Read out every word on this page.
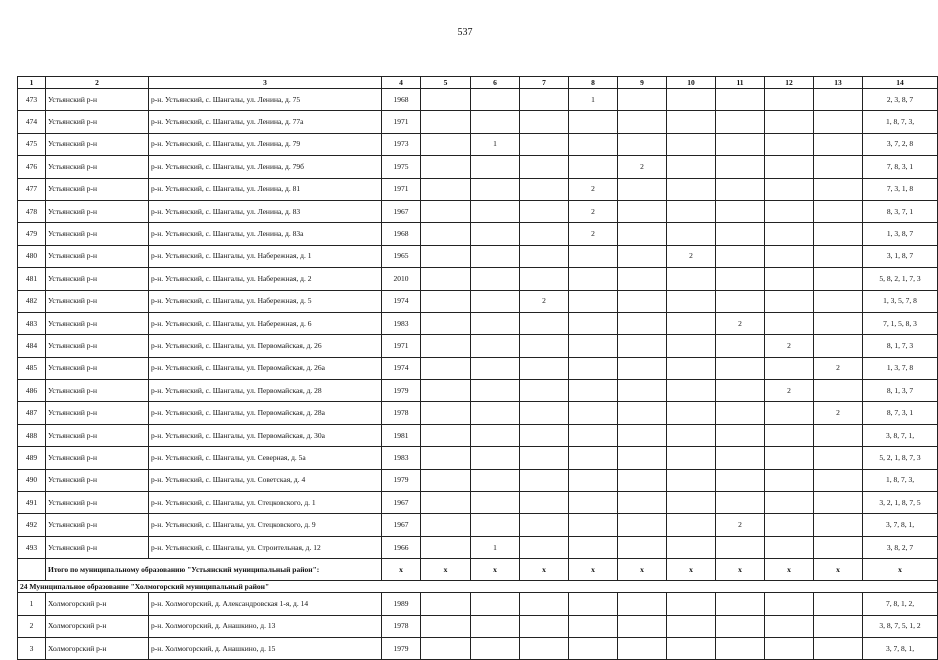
537
1	2	3	4	5	6	7	8	9	10	11	12	13	14
473	Устьянский р-н	р-н. Устьянский, с. Шангалы, ул. Ленина, д. 75	1968				1						2, 3, 8, 7
474	Устьянский р-н	р-н. Устьянский, с. Шангалы, ул. Ленина, д. 77а	1971										1, 8, 7, 3,
475	Устьянский р-н	р-н. Устьянский, с. Шангалы, ул. Ленина, д. 79	1973		1								3, 7, 2, 8
476	Устьянский р-н	р-н. Устьянский, с. Шангалы, ул. Ленина, д. 79б	1975					2					7, 8, 3, 1
477	Устьянский р-н	р-н. Устьянский, с. Шангалы, ул. Ленина, д. 81	1971				2						7, 3, 1, 8
478	Устьянский р-н	р-н. Устьянский, с. Шангалы, ул. Ленина, д. 83	1967				2						8, 3, 7, 1
479	Устьянский р-н	р-н. Устьянский, с. Шангалы, ул. Ленина, д. 83а	1968				2						1, 3, 8, 7
480	Устьянский р-н	р-н. Устьянский, с. Шангалы, ул. Набережная, д. 1	1965						2				3, 1, 8, 7
481	Устьянский р-н	р-н. Устьянский, с. Шангалы, ул. Набережная, д. 2	2010										5, 8, 2, 1, 7, 3
482	Устьянский р-н	р-н. Устьянский, с. Шангалы, ул. Набережная, д. 5	1974			2							1, 3, 5, 7, 8
483	Устьянский р-н	р-н. Устьянский, с. Шангалы, ул. Набережная, д. 6	1983							2			7, 1, 5, 8, 3
484	Устьянский р-н	р-н. Устьянский, с. Шангалы, ул. Первомайская, д. 26	1971								2		8, 1, 7, 3
485	Устьянский р-н	р-н. Устьянский, с. Шангалы, ул. Первомайская, д. 26а	1974									2	1, 3, 7, 8
486	Устьянский р-н	р-н. Устьянский, с. Шангалы, ул. Первомайская, д. 28	1979								2		8, 1, 3, 7
487	Устьянский р-н	р-н. Устьянский, с. Шангалы, ул. Первомайская, д. 28а	1978									2	8, 7, 3, 1
488	Устьянский р-н	р-н. Устьянский, с. Шангалы, ул. Первомайская, д. 30а	1981										3, 8, 7, 1,
489	Устьянский р-н	р-н. Устьянский, с. Шангалы, ул. Северная, д. 5а	1983										5, 2, 1, 8, 7, 3
490	Устьянский р-н	р-н. Устьянский, с. Шангалы, ул. Советская, д. 4	1979										1, 8, 7, 3,
491	Устьянский р-н	р-н. Устьянский, с. Шангалы, ул. Стецковского, д. 1	1967										3, 2, 1, 8, 7, 5
492	Устьянский р-н	р-н. Устьянский, с. Шангалы, ул. Стецковского, д. 9	1967							2			3, 7, 8, 1,
493	Устьянский р-н	р-н. Устьянский, с. Шангалы, ул. Строительная, д. 12	1966		1								3, 8, 2, 7
	Итого по муниципальному образованию "Устьянский муниципальный район":		x	x	x	x	x	x	x	x	x	x	x
24 Муниципальное образование "Холмогорский муниципальный район"													
1	Холмогорский р-н	р-н. Холмогорский, д. Александровская 1-я, д. 14	1989										7, 8, 1, 2,
2	Холмогорский р-н	р-н. Холмогорский, д. Анашкино, д. 13	1978										3, 8, 7, 5, 1, 2
3	Холмогорский р-н	р-н. Холмогорский, д. Анашкино, д. 15	1979										3, 7, 8, 1,
